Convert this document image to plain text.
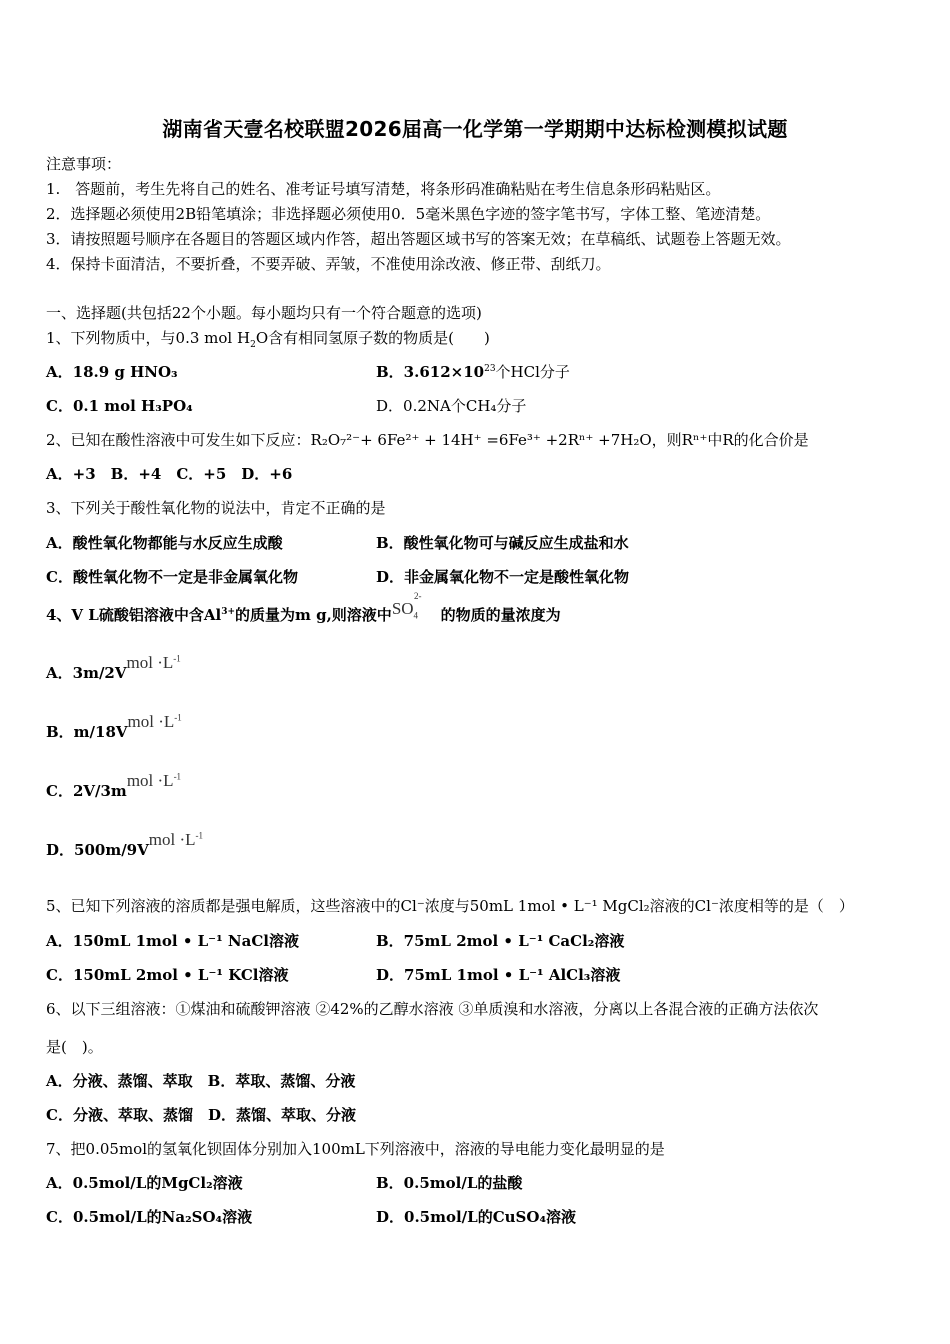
湖南省天壹名校联盟2026届高一化学第一学期期中达标检测模拟试题
注意事项：
1.　答题前，考生先将自己的姓名、准考证号填写清楚，将条形码准确粘贴在考生信息条形码粘贴区。
2．选择题必须使用2B铅笔填涂；非选择题必须使用0．5毫米黑色字迹的签字笔书写，字体工整、笔迹清楚。
3．请按照题号顺序在各题目的答题区域内作答，超出答题区域书写的答案无效；在草稿纸、试题卷上答题无效。
4．保持卡面清洁，不要折叠，不要弄破、弄皱，不准使用涂改液、修正带、刮纸刀。
一、选择题(共包括22个小题。每小题均只有一个符合题意的选项)
1、下列物质中，与0.3 mol $H_2O$含有相同氢原子数的物质是(　　)
A．18.9 g HNO₃	B．$3.612\times 10^{23}$个HCl分子
C．0.1 mol H₃PO₄	D．0.2NA个CH₄分子
2、已知在酸性溶液中可发生如下反应：R₂O₇²⁻+ 6Fe²⁺ + 14H⁺ =6Fe³⁺ +2Rⁿ⁺ +7H₂O，则Rⁿ⁺中R的化合价是
A．+3　B．+4　C．+5　D．+6
3、下列关于酸性氧化物的说法中，肯定不正确的是
A．酸性氧化物都能与水反应生成酸	B．酸性氧化物可与碱反应生成盐和水
C．酸性氧化物不一定是非金属氧化物	D．非金属氧化物不一定是酸性氧化物
4、V L硫酸铝溶液中含$Al^{3+}$的质量为m g,则溶液中$SO_4^{2-}$　的物质的量浓度为
A．3m/2Vmol $\cdot L^{-1}$
B．m/18Vmol $\cdot L^{-1}$
C．2V/3mmol $\cdot L^{-1}$
D．500m/9Vmol $\cdot L^{-1}$
5、已知下列溶液的溶质都是强电解质，这些溶液中的Cl⁻浓度与50mL 1mol • L⁻¹ MgCl₂溶液的Cl⁻浓度相等的是（　）
A．150mL 1mol • L⁻¹ NaCl溶液	B．75mL 2mol • L⁻¹ CaCl₂溶液
C．150mL 2mol • L⁻¹ KCl溶液	D．75mL 1mol • L⁻¹ AlCl₃溶液
6、以下三组溶液：①煤油和硫酸钾溶液 ②42%的乙醇水溶液 ③单质溴和水溶液，分离以上各混合液的正确方法依次
是(　)。
A．分液、蒸馏、萃取　B．萃取、蒸馏、分液
C．分液、萃取、蒸馏　D．蒸馏、萃取、分液
7、把0.05mol的氢氧化钡固体分别加入100mL下列溶液中，溶液的导电能力变化最明显的是
A．0.5mol/L的MgCl₂溶液	B．0.5mol/L的盐酸
C．0.5mol/L的Na₂SO₄溶液	D．0.5mol/L的CuSO₄溶液
